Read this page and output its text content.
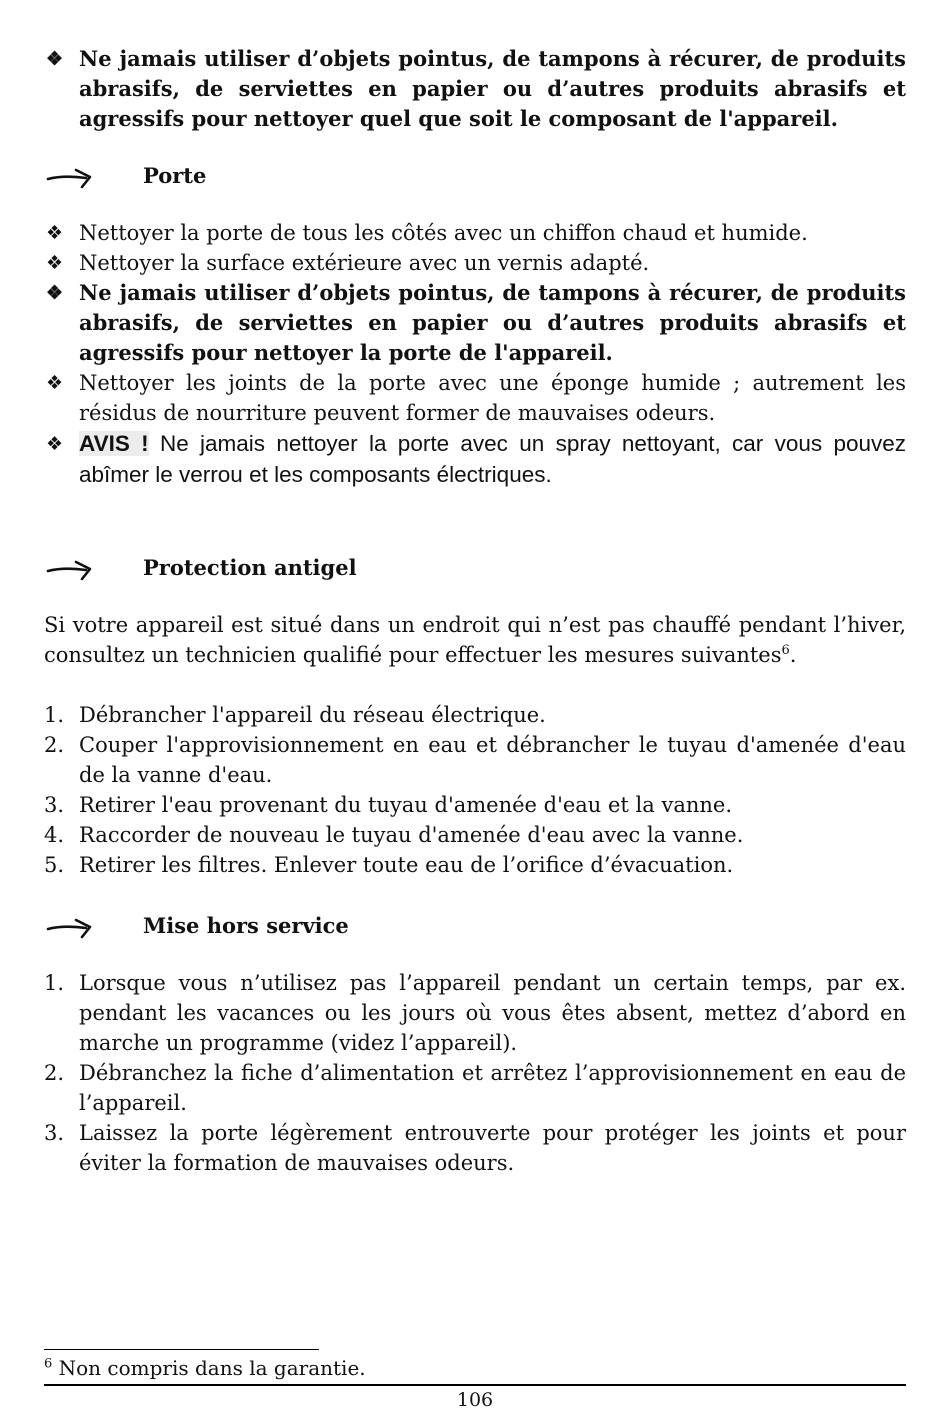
❖ Ne jamais utiliser d’objets pointus, de tampons à récurer, de produits abrasifs, de serviettes en papier ou d’autres produits abrasifs et agressifs pour nettoyer quel que soit le composant de l'appareil.
Porte
❖ Nettoyer la porte de tous les côtés avec un chiffon chaud et humide.
❖ Nettoyer la surface extérieure avec un vernis adapté.
❖ Ne jamais utiliser d’objets pointus, de tampons à récurer, de produits abrasifs, de serviettes en papier ou d’autres produits abrasifs et agressifs pour nettoyer la porte de l'appareil.
❖ Nettoyer les joints de la porte avec une éponge humide ; autrement les résidus de nourriture peuvent former de mauvaises odeurs.
❖ AVIS ! Ne jamais nettoyer la porte avec un spray nettoyant, car vous pouvez abîmer le verrou et les composants électriques.
Protection antigel
Si votre appareil est situé dans un endroit qui n’est pas chauffé pendant l’hiver, consultez un technicien qualifié pour effectuer les mesures suivantes$^6$.
1. Débrancher l'appareil du réseau électrique.
2. Couper l'approvisionnement en eau et débrancher le tuyau d'amenée d'eau de la vanne d'eau.
3. Retirer l'eau provenant du tuyau d'amenée d'eau et la vanne.
4. Raccorder de nouveau le tuyau d'amenée d'eau avec la vanne.
5. Retirer les filtres. Enlever toute eau de l’orifice d’évacuation.
Mise hors service
1. Lorsque vous n’utilisez pas l’appareil pendant un certain temps, par ex. pendant les vacances ou les jours où vous êtes absent, mettez d’abord en marche un programme (videz l’appareil).
2. Débranchez la fiche d’alimentation et arrêtez l’approvisionnement en eau de l’appareil.
3. Laissez la porte légèrement entrouverte pour protéger les joints et pour éviter la formation de mauvaises odeurs.
$^6$ Non compris dans la garantie.
106
